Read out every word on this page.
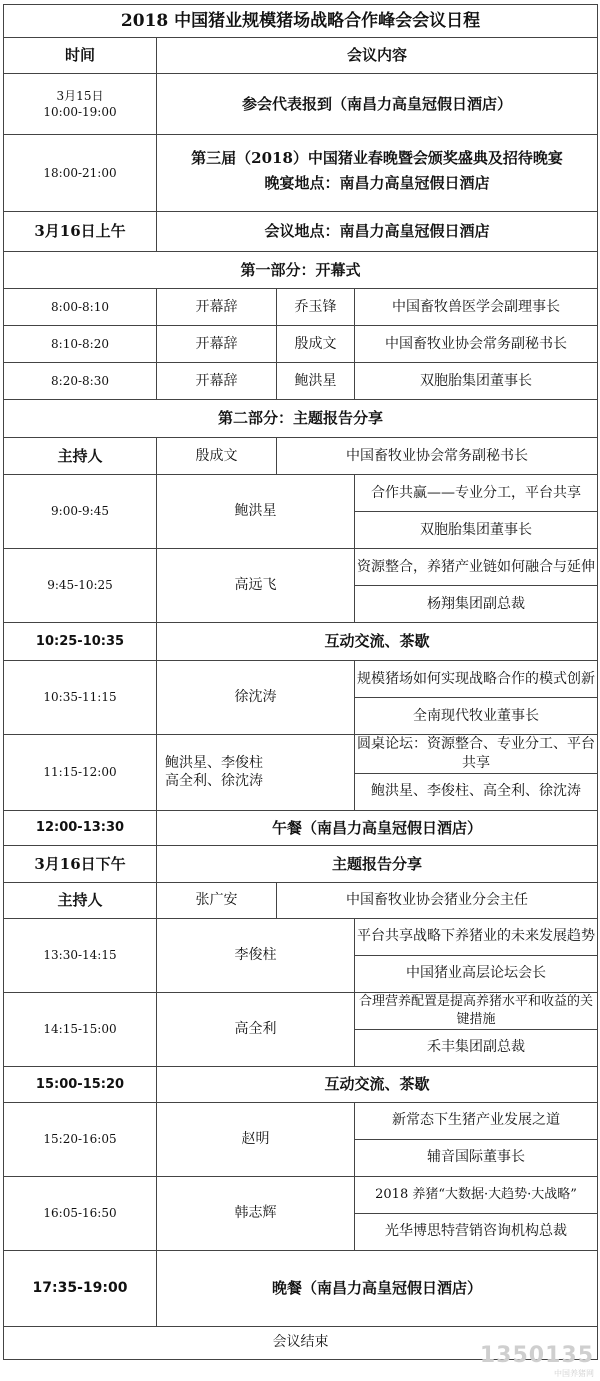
2018 中国猪业规模猪场战略合作峰会会议日程			
时间	会议内容		
3月15日
10:00-19:00	参会代表报到（南昌力高皇冠假日酒店）		
18:00-21:00	第三届（2018）中国猪业春晚暨会颁奖盛典及招待晚宴
晚宴地点：南昌力高皇冠假日酒店		
3月16日上午	会议地点：南昌力高皇冠假日酒店		
第一部分：开幕式			
8:00-8:10	开幕辞	乔玉锋	中国畜牧兽医学会副理事长
8:10-8:20	开幕辞	殷成文	中国畜牧业协会常务副秘书长
8:20-8:30	开幕辞	鲍洪星	双胞胎集团董事长
第二部分：主题报告分享			
主持人	殷成文	中国畜牧业协会常务副秘书长	
9:00-9:45	鲍洪星		合作共赢——专业分工，平台共享
			双胞胎集团董事长
9:45-10:25	高远飞		资源整合，养猪产业链如何融合与延伸
			杨翔集团副总裁
10:25-10:35	互动交流、茶歇		
10:35-11:15	徐沈涛		规模猪场如何实现战略合作的模式创新
			全南现代牧业董事长
11:15-12:00	鲍洪星、李俊柱
高全利、徐沈涛		圆桌论坛：资源整合、专业分工、平台共享
			鲍洪星、李俊柱、高全利、徐沈涛
12:00-13:30	午餐（南昌力高皇冠假日酒店）		
3月16日下午	主题报告分享		
主持人	张广安	中国畜牧业协会猪业分会主任	
13:30-14:15	李俊柱		平台共享战略下养猪业的未来发展趋势
			中国猪业高层论坛会长
14:15-15:00	高全利		合理营养配置是提高养猪水平和收益的关键措施
			禾丰集团副总裁
15:00-15:20	互动交流、茶歇		
15:20-16:05	赵明		新常态下生猪产业发展之道
			辅音国际董事长
16:05-16:50	韩志辉		2018 养猪“大数据·大趋势·大战略”
			光华博思特营销咨询机构总裁
17:35-19:00	晚餐（南昌力高皇冠假日酒店）		
会议结束			
1350135
中国养猪网
